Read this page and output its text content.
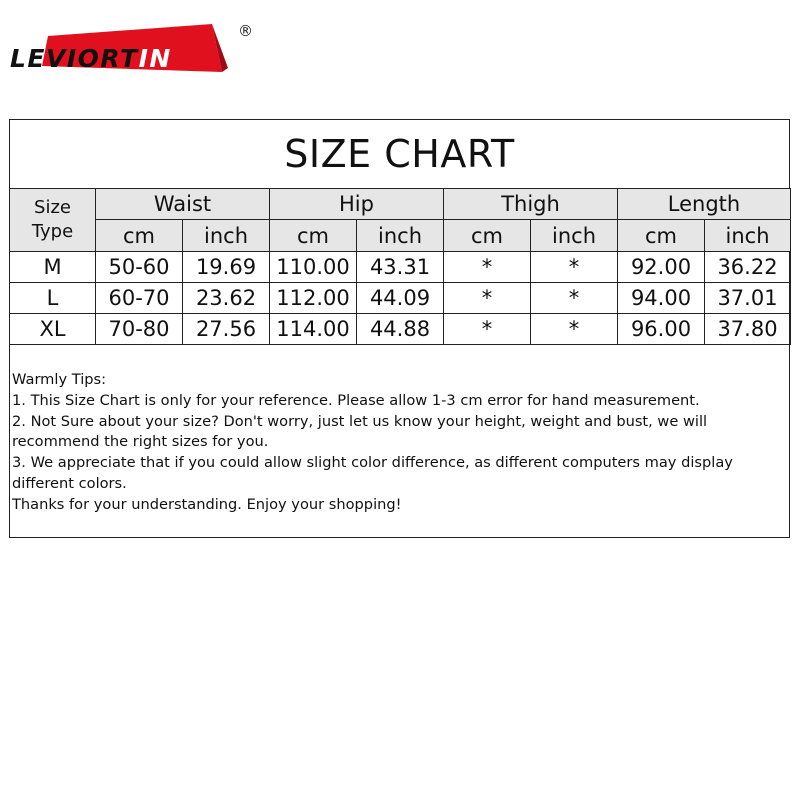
LEVIORTIN
®
SIZE CHART
Size
Type	Waist		Hip		Thigh		Length	
	cm	inch	cm	inch	cm	inch	cm	inch
M	50-60	19.69	110.00	43.31	*	*	92.00	36.22
L	60-70	23.62	112.00	44.09	*	*	94.00	37.01
XL	70-80	27.56	114.00	44.88	*	*	96.00	37.80
Warmly Tips:
1. This Size Chart is only for your reference. Please allow 1-3 cm error for hand measurement.
2. Not Sure about your size? Don't worry, just let us know your height, weight and bust, we will
recommend the right sizes for you.
3. We appreciate that if you could allow slight color difference, as different computers may display
different colors.
Thanks for your understanding. Enjoy your shopping!
